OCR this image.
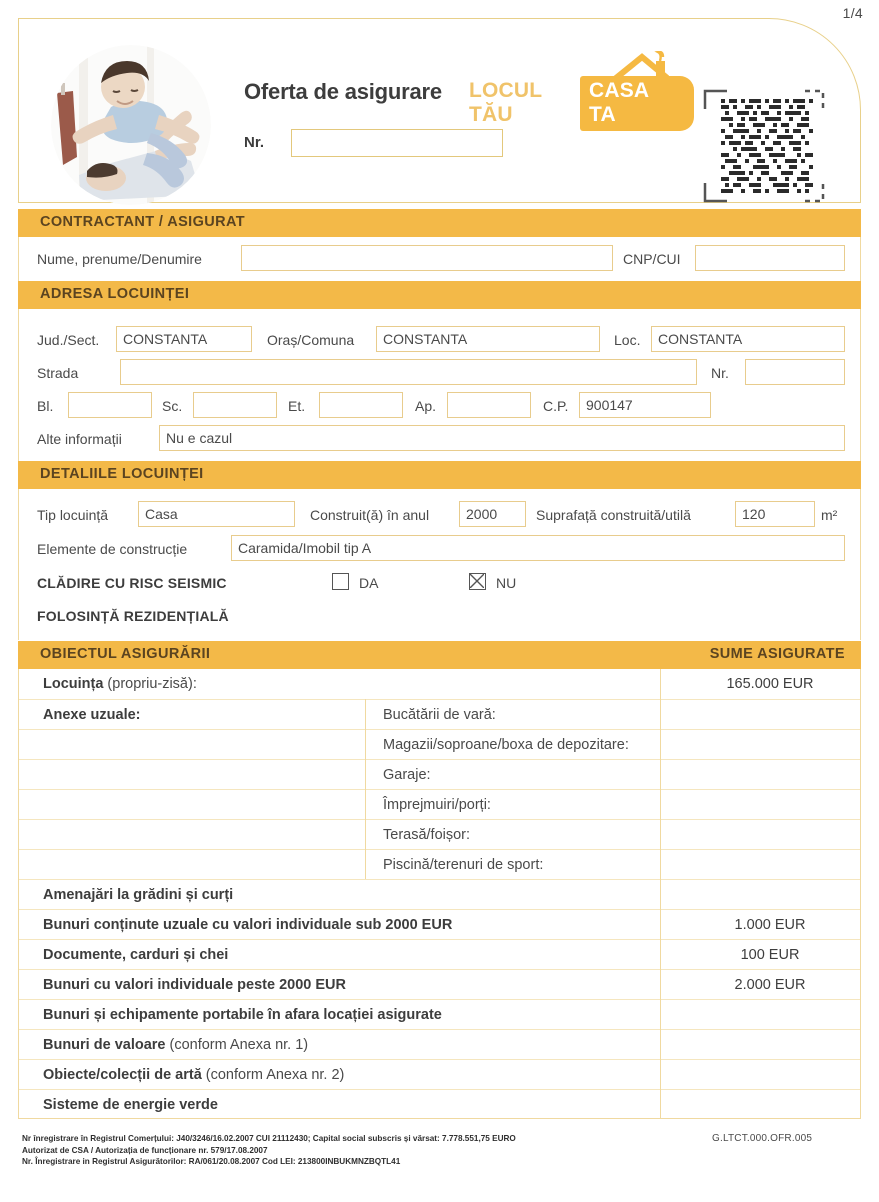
1/4
Oferta de asigurare LOCUL TĂU
CASA TA
Nr.
CONTRACTANT / ASIGURAT
Nume, prenume/Denumire	CNP/CUI
ADRESA LOCUINȚEI
Jud./Sect.	CONSTANTA	Oraș/Comuna	CONSTANTA	Loc.	CONSTANTA
Strada	Nr.
Bl.	Sc.	Et.	Ap.	C.P.	900147
Alte informații	Nu e cazul
DETALIILE LOCUINȚEI
Tip locuință	Casa	Construit(ă) în anul	2000	Suprafață construită/utilă	120	m²
Elemente de construcție	Caramida/Imobil tip A
CLĂDIRE CU RISC SEISMIC	DA	NU
FOLOSINȚĂ REZIDENȚIALĂ
OBIECTUL ASIGURĂRII	SUME ASIGURATE
Locuința (propriu-zisă):	165.000 EUR
Anexe uzuale:	Bucătării de vară:
Magazii/soproane/boxa de depozitare:
Garaje:
Împrejmuiri/porți:
Terasă/foișor:
Piscină/terenuri de sport:
Amenajări la grădini și curți
Bunuri conținute uzuale cu valori individuale sub 2000 EUR	1.000 EUR
Documente, carduri și chei	100 EUR
Bunuri cu valori individuale peste 2000 EUR	2.000 EUR
Bunuri și echipamente portabile în afara locației asigurate
Bunuri de valoare (conform Anexa nr. 1)
Obiecte/colecții de artă (conform Anexa nr. 2)
Sisteme de energie verde
Nr înregistrare în Registrul Comerțului: J40/3246/16.02.2007 CUI 21112430; Capital social subscris și vărsat: 7.778.551,75 EURO
Autorizat de CSA / Autorizația de funcționare nr. 579/17.08.2007
Nr. Înregistrare in Registrul Asigurătorilor: RA/061/20.08.2007 Cod LEI: 213800INBUKMNZBQTL41
G.LTCT.000.OFR.005
